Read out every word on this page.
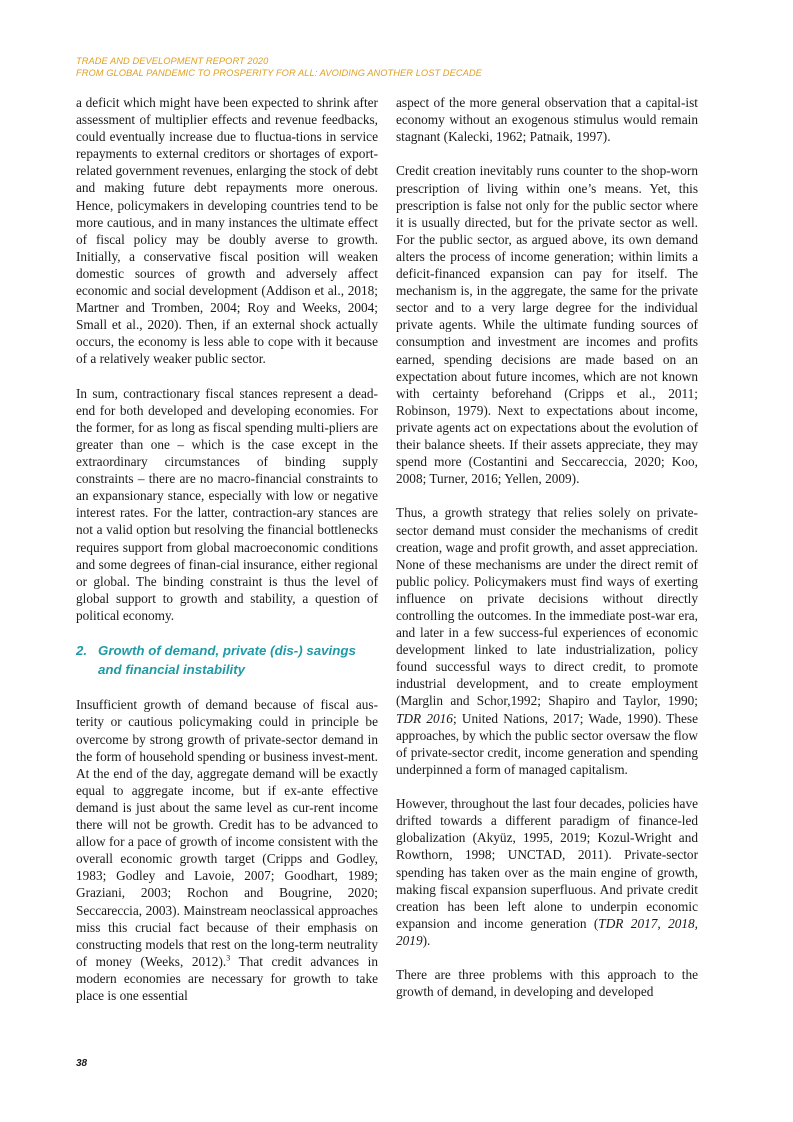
TRADE AND DEVELOPMENT REPORT 2020
FROM GLOBAL PANDEMIC TO PROSPERITY FOR ALL: AVOIDING ANOTHER LOST DECADE

a deficit which might have been expected to shrink after assessment of multiplier effects and revenue feedbacks, could eventually increase due to fluctua-tions in service repayments to external creditors or shortages of export-related government revenues, enlarging the stock of debt and making future debt repayments more onerous. Hence, policymakers in developing countries tend to be more cautious, and in many instances the ultimate effect of fiscal policy may be doubly averse to growth. Initially, a conservative fiscal position will weaken domestic sources of growth and adversely affect economic and social development (Addison et al., 2018; Martner and Tromben, 2004; Roy and Weeks, 2004; Small et al., 2020). Then, if an external shock actually occurs, the economy is less able to cope with it because of a relatively weaker public sector.

In sum, contractionary fiscal stances represent a dead-end for both developed and developing economies. For the former, for as long as fiscal spending multi-pliers are greater than one – which is the case except in the extraordinary circumstances of binding supply constraints – there are no macro-financial constraints to an expansionary stance, especially with low or negative interest rates. For the latter, contraction-ary stances are not a valid option but resolving the financial bottlenecks requires support from global macroeconomic conditions and some degrees of finan-cial insurance, either regional or global. The binding constraint is thus the level of global support to growth and stability, a question of political economy.

2. Growth of demand, private (dis-) savings and financial instability

Insufficient growth of demand because of fiscal aus-terity or cautious policymaking could in principle be overcome by strong growth of private-sector demand in the form of household spending or business invest-ment. At the end of the day, aggregate demand will be exactly equal to aggregate income, but if ex-ante effective demand is just about the same level as cur-rent income there will not be growth. Credit has to be advanced to allow for a pace of growth of income consistent with the overall economic growth target (Cripps and Godley, 1983; Godley and Lavoie, 2007; Goodhart, 1989; Graziani, 2003; Rochon and Bougrine, 2020; Seccareccia, 2003). Mainstream neoclassical approaches miss this crucial fact because of their emphasis on constructing models that rest on the long-term neutrality of money (Weeks, 2012).$^3$ That credit advances in modern economies are necessary for growth to take place is one essential

aspect of the more general observation that a capital-ist economy without an exogenous stimulus would remain stagnant (Kalecki, 1962; Patnaik, 1997).

Credit creation inevitably runs counter to the shop-worn prescription of living within one’s means. Yet, this prescription is false not only for the public sector where it is usually directed, but for the private sector as well. For the public sector, as argued above, its own demand alters the process of income generation; within limits a deficit-financed expansion can pay for itself. The mechanism is, in the aggregate, the same for the private sector and to a very large degree for the individual private agents. While the ultimate funding sources of consumption and investment are incomes and profits earned, spending decisions are made based on an expectation about future incomes, which are not known with certainty beforehand (Cripps et al., 2011; Robinson, 1979). Next to expectations about income, private agents act on expectations about the evolution of their balance sheets. If their assets appreciate, they may spend more (Costantini and Seccareccia, 2020; Koo, 2008; Turner, 2016; Yellen, 2009).

Thus, a growth strategy that relies solely on private-sector demand must consider the mechanisms of credit creation, wage and profit growth, and asset appreciation. None of these mechanisms are under the direct remit of public policy. Policymakers must find ways of exerting influence on private decisions without directly controlling the outcomes. In the immediate post-war era, and later in a few success-ful experiences of economic development linked to late industrialization, policy found successful ways to direct credit, to promote industrial development, and to create employment (Marglin and Schor,1992; Shapiro and Taylor, 1990; TDR 2016; United Nations, 2017; Wade, 1990). These approaches, by which the public sector oversaw the flow of private-sector credit, income generation and spending underpinned a form of managed capitalism.

However, throughout the last four decades, policies have drifted towards a different paradigm of finance-led globalization (Akyüz, 1995, 2019; Kozul-Wright and Rowthorn, 1998; UNCTAD, 2011). Private-sector spending has taken over as the main engine of growth, making fiscal expansion superfluous. And private credit creation has been left alone to underpin economic expansion and income generation (TDR 2017, 2018, 2019).

There are three problems with this approach to the growth of demand, in developing and developed

38
